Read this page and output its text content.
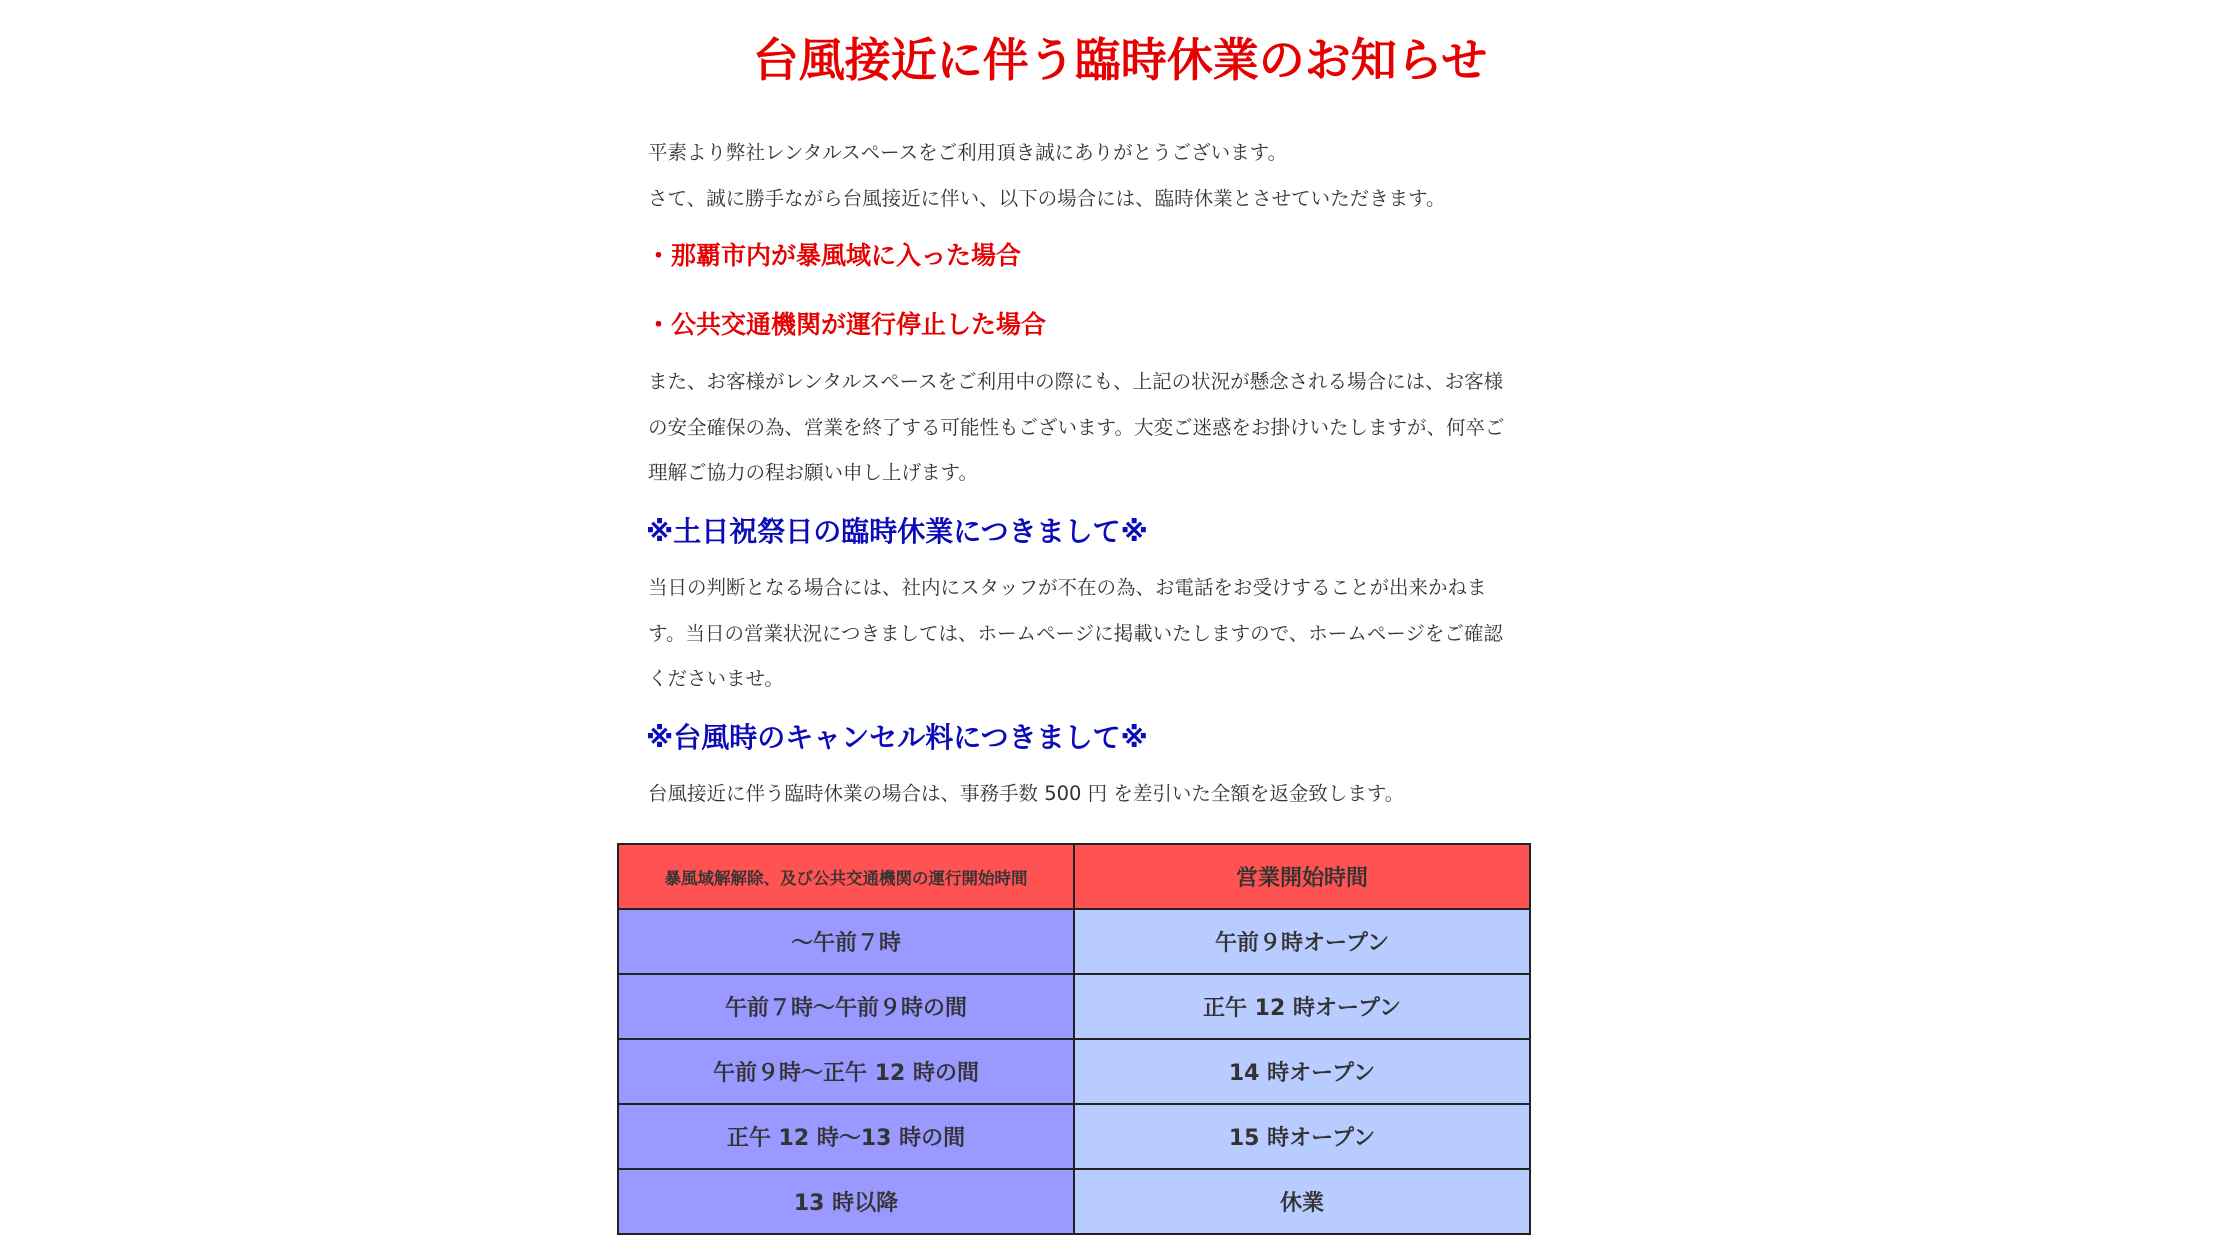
台風接近に伴う臨時休業のお知らせ

平素より弊社レンタルスペースをご利用頂き誠にありがとうございます。

さて、誠に勝手ながら台風接近に伴い、以下の場合には、臨時休業とさせていただきます。

・那覇市内が暴風域に入った場合

・公共交通機関が運行停止した場合

また、お客様がレンタルスペースをご利用中の際にも、上記の状況が懸念される場合には、お客様の安全確保の為、営業を終了する可能性もございます。大変ご迷惑をお掛けいたしますが、何卒ご理解ご協力の程お願い申し上げます。

※土日祝祭日の臨時休業につきまして※

当日の判断となる場合には、社内にスタッフが不在の為、お電話をお受けすることが出来かねます。当日の営業状況につきましては、ホームページに掲載いたしますので、ホームページをご確認くださいませ。

※台風時のキャンセル料につきまして※

台風接近に伴う臨時休業の場合は、事務手数 500 円 を差引いた全額を返金致します。

暴風域解解除、及び公共交通機関の運行開始時間	営業開始時間
～午前７時	午前９時オープン
午前７時～午前９時の間	正午 12 時オープン
午前９時～正午 12 時の間	14 時オープン
正午 12 時～13 時の間	15 時オープン
13 時以降	休業
